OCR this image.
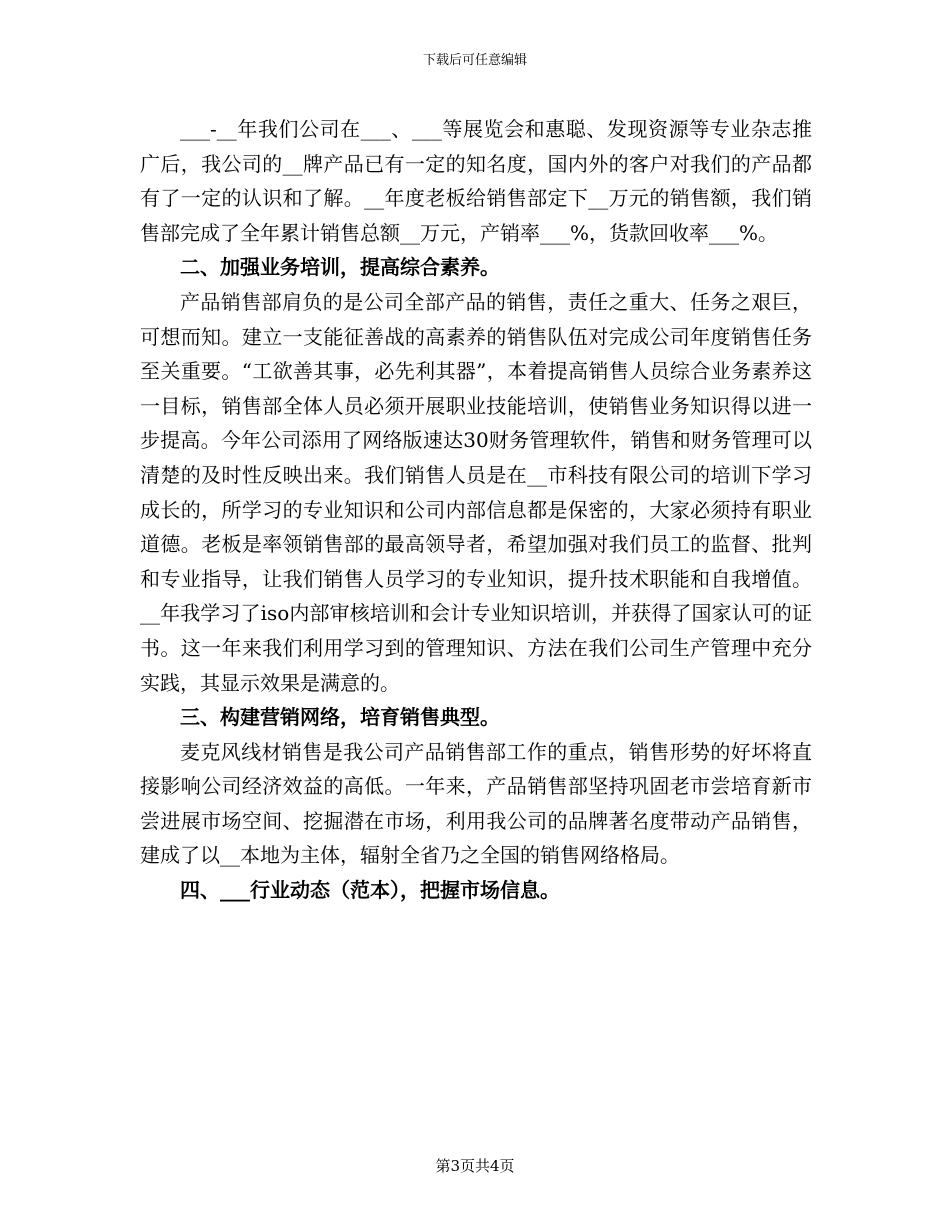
下载后可任意编辑

___-__年我们公司在___、___等展览会和惠聪、发现资源等专业杂志推广后，我公司的__牌产品已有一定的知名度，国内外的客户对我们的产品都有了一定的认识和了解。__年度老板给销售部定下__万元的销售额，我们销售部完成了全年累计销售总额__万元，产销率___%，货款回收率___%。

二、加强业务培训，提高综合素养。

产品销售部肩负的是公司全部产品的销售，责任之重大、任务之艰巨，可想而知。建立一支能征善战的高素养的销售队伍对完成公司年度销售任务至关重要。“工欲善其事，必先利其器”，本着提高销售人员综合业务素养这一目标，销售部全体人员必须开展职业技能培训，使销售业务知识得以进一步提高。今年公司添用了网络版速达30财务管理软件，销售和财务管理可以清楚的及时性反映出来。我们销售人员是在__市科技有限公司的培训下学习成长的，所学习的专业知识和公司内部信息都是保密的，大家必须持有职业道德。老板是率领销售部的最高领导者，希望加强对我们员工的监督、批判和专业指导，让我们销售人员学习的专业知识，提升技术职能和自我增值。__年我学习了iso内部审核培训和会计专业知识培训，并获得了国家认可的证书。这一年来我们利用学习到的管理知识、方法在我们公司生产管理中充分实践，其显示效果是满意的。

三、构建营销网络，培育销售典型。

麦克风线材销售是我公司产品销售部工作的重点，销售形势的好坏将直接影响公司经济效益的高低。一年来，产品销售部坚持巩固老市尝培育新市尝进展市场空间、挖掘潜在市场，利用我公司的品牌著名度带动产品销售，建成了以__本地为主体，辐射全省乃之全国的销售网络格局。

四、___行业动态（范本），把握市场信息。

第3页共4页
